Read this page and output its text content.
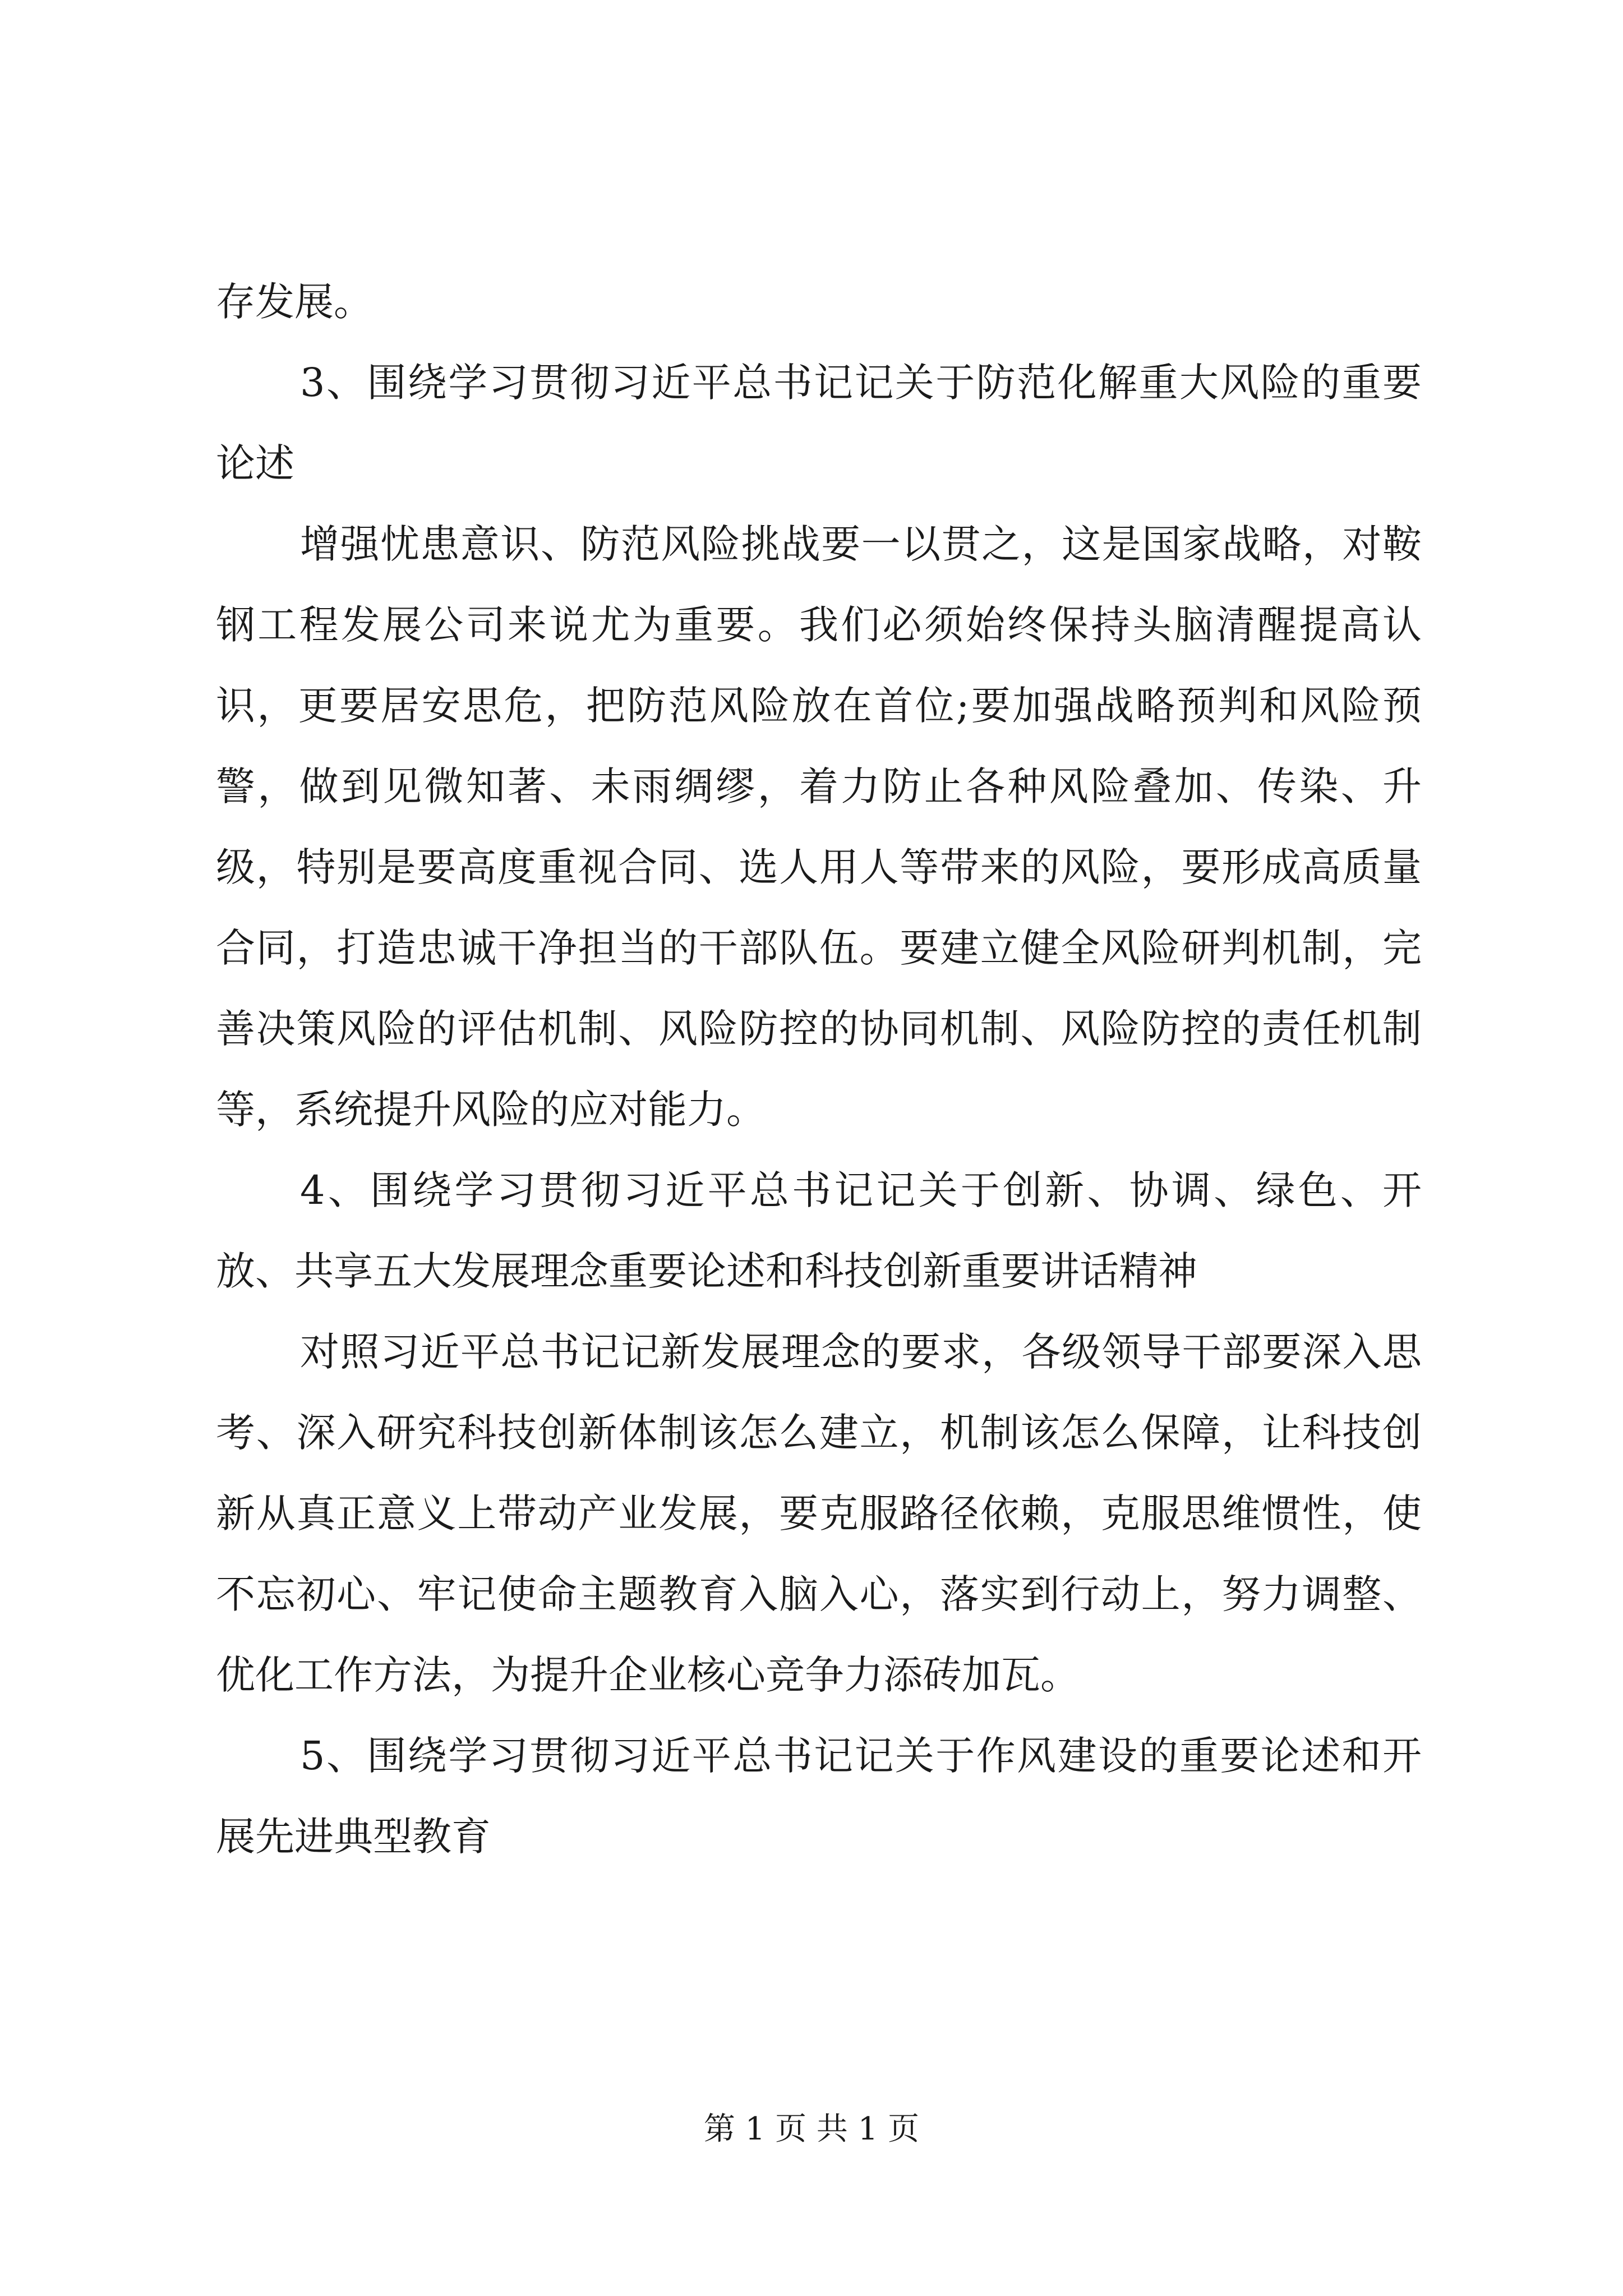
存发展。

3、围绕学习贯彻习近平总书记记关于防范化解重大风险的重要论述

增强忧患意识、防范风险挑战要一以贯之，这是国家战略，对鞍钢工程发展公司来说尤为重要。我们必须始终保持头脑清醒提高认识，更要居安思危，把防范风险放在首位;要加强战略预判和风险预警，做到见微知著、未雨绸缪，着力防止各种风险叠加、传染、升级，特别是要高度重视合同、选人用人等带来的风险，要形成高质量合同，打造忠诚干净担当的干部队伍。要建立健全风险研判机制，完善决策风险的评估机制、风险防控的协同机制、风险防控的责任机制等，系统提升风险的应对能力。

4、围绕学习贯彻习近平总书记记关于创新、协调、绿色、开放、共享五大发展理念重要论述和科技创新重要讲话精神

对照习近平总书记记新发展理念的要求，各级领导干部要深入思考、深入研究科技创新体制该怎么建立，机制该怎么保障，让科技创新从真正意义上带动产业发展，要克服路径依赖，克服思维惯性，使不忘初心、牢记使命主题教育入脑入心，落实到行动上，努力调整、优化工作方法，为提升企业核心竞争力添砖加瓦。

5、围绕学习贯彻习近平总书记记关于作风建设的重要论述和开展先进典型教育

第 1 页 共 1 页
